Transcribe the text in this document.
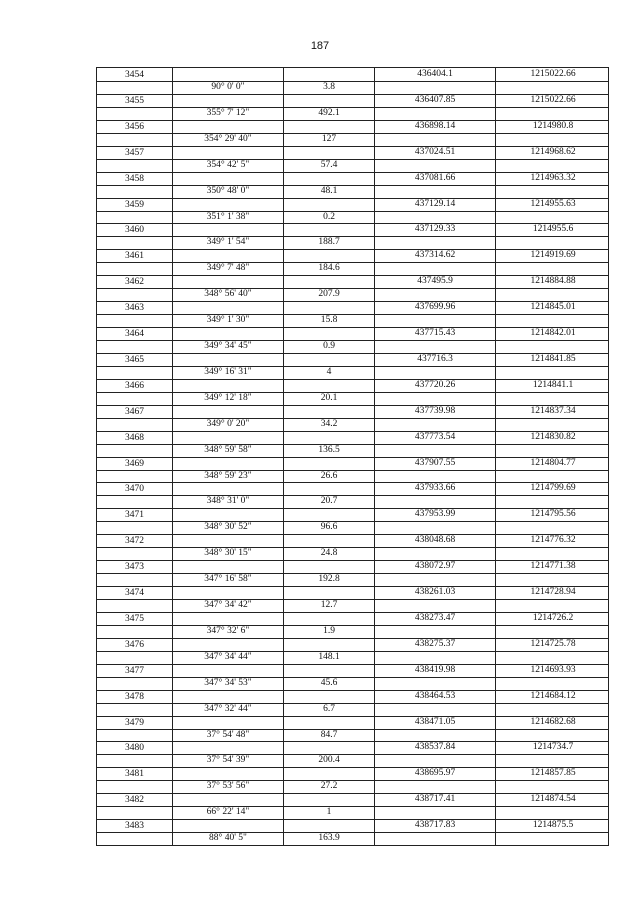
187
3454	436404.1	1215022.66
90° 0' 0"	3.8
3455	436407.85	1215022.66
355° 7' 12"	492.1
3456	436898.14	1214980.8
354° 29' 40"	127
3457	437024.51	1214968.62
354° 42' 5"	57.4
3458	437081.66	1214963.32
350° 48' 0"	48.1
3459	437129.14	1214955.63
351° 1' 38"	0.2
3460	437129.33	1214955.6
349° 1' 54"	188.7
3461	437314.62	1214919.69
349° 7' 48"	184.6
3462	437495.9	1214884.88
348° 56' 40"	207.9
3463	437699.96	1214845.01
349° 1' 30"	15.8
3464	437715.43	1214842.01
349° 34' 45"	0.9
3465	437716.3	1214841.85
349° 16' 31"	4
3466	437720.26	1214841.1
349° 12' 18"	20.1
3467	437739.98	1214837.34
349° 0' 20"	34.2
3468	437773.54	1214830.82
348° 59' 58"	136.5
3469	437907.55	1214804.77
348° 59' 23"	26.6
3470	437933.66	1214799.69
348° 31' 0"	20.7
3471	437953.99	1214795.56
348° 30' 52"	96.6
3472	438048.68	1214776.32
348° 30' 15"	24.8
3473	438072.97	1214771.38
347° 16' 58"	192.8
3474	438261.03	1214728.94
347° 34' 42"	12.7
3475	438273.47	1214726.2
347° 32' 6"	1.9
3476	438275.37	1214725.78
347° 34' 44"	148.1
3477	438419.98	1214693.93
347° 34' 53"	45.6
3478	438464.53	1214684.12
347° 32' 44"	6.7
3479	438471.05	1214682.68
37° 54' 48"	84.7
3480	438537.84	1214734.7
37° 54' 39"	200.4
3481	438695.97	1214857.85
37° 53' 56"	27.2
3482	438717.41	1214874.54
66° 22' 14"	1
3483	438717.83	1214875.5
88° 40' 5"	163.9
